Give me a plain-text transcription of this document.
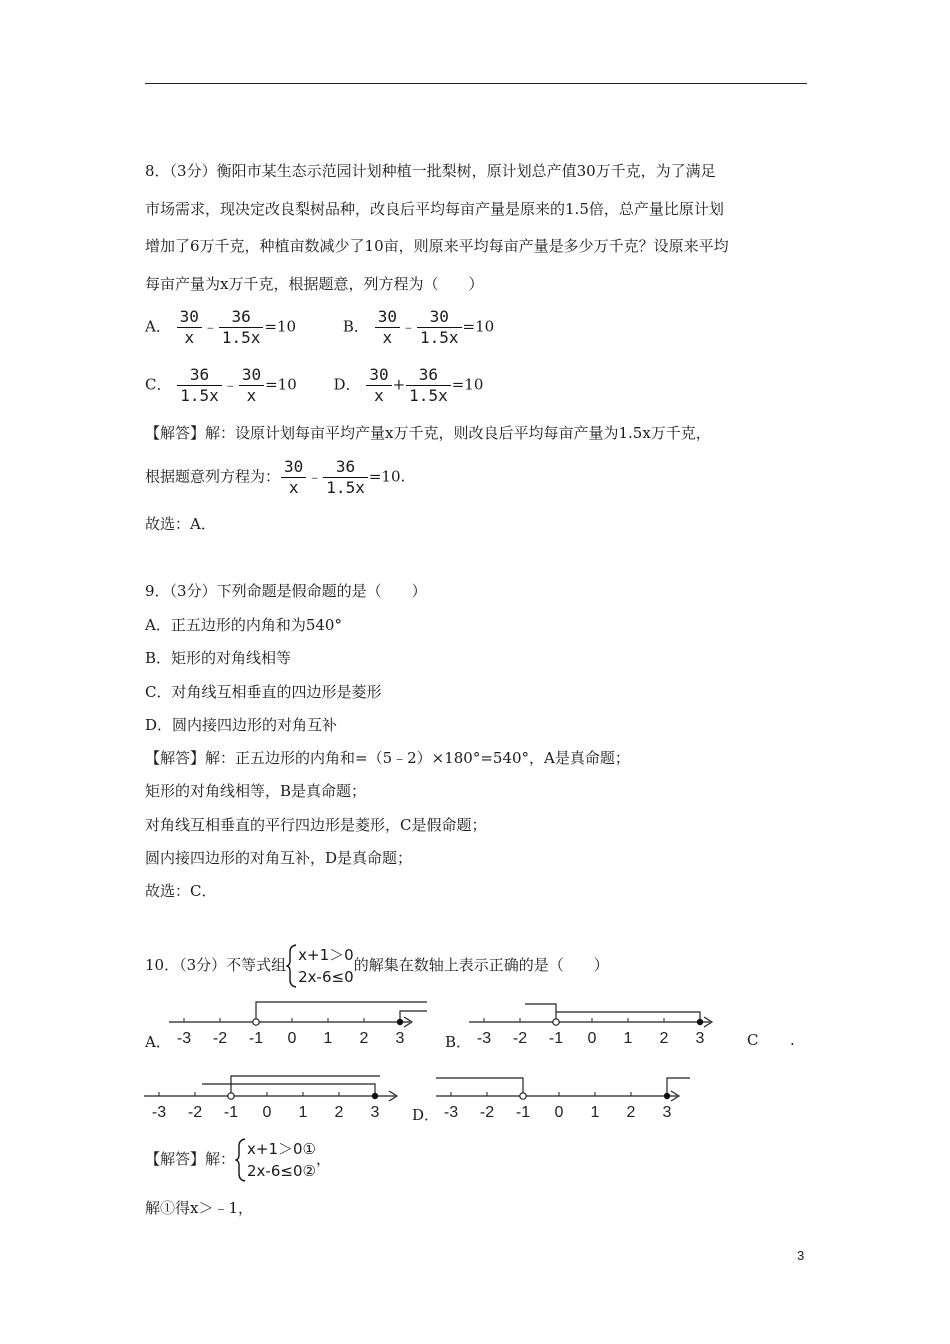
8．（3分）衡阳市某生态示范园计划种植一批梨树，原计划总产值30万千克，为了满足
市场需求，现决定改良梨树品种，改良后平均每亩产量是原来的1.5倍，总产量比原计划
增加了6万千克，种植亩数减少了10亩，则原来平均每亩产量是多少万千克？设原来平均
每亩产量为x万千克，根据题意，列方程为（　　）
A． $\frac{30}{x}$ ﹣ $\frac{36}{1.5x} =10$	B． $\frac{30}{x}$ ﹣ $\frac{30}{1.5x} =10$
C． $\frac{36}{1.5x}$ ﹣ $\frac{30}{x} =10$ D． $\frac{30}{x} + \frac{36}{1.5x} =10$
【解答】解：设原计划每亩平均产量x万千克，则改良后平均每亩产量为1.5x万千克，
根据题意列方程为： $\frac{30}{x}$ ﹣ $\frac{36}{1.5x} =10$.
故选：A．
9．（3分）下列命题是假命题的是（　　）
A．正五边形的内角和为540°
B．矩形的对角线相等
C．对角线互相垂直的四边形是菱形
D．圆内接四边形的对角互补
【解答】解：正五边形的内角和=（5﹣2）×180°=540°，A是真命题；
矩形的对角线相等，B是真命题；
对角线互相垂直的平行四边形是菱形，C是假命题；
圆内接四边形的对角互补，D是真命题；
故选：C．
10．（3分）不等式组
x+1＞0
2x-6≤0
的解集在数轴上表示正确的是（　　）
A． -3 -2 -1 0 1 2 3	B． -3 -2 -1 0 1 2 3	C .
-3 -2 -1 0 1 2 3 D． -3 -2 -1 0 1 2 3
【解答】解：
x+1＞0①
2x-6≤0②
，
解①得x＞﹣1，
3
